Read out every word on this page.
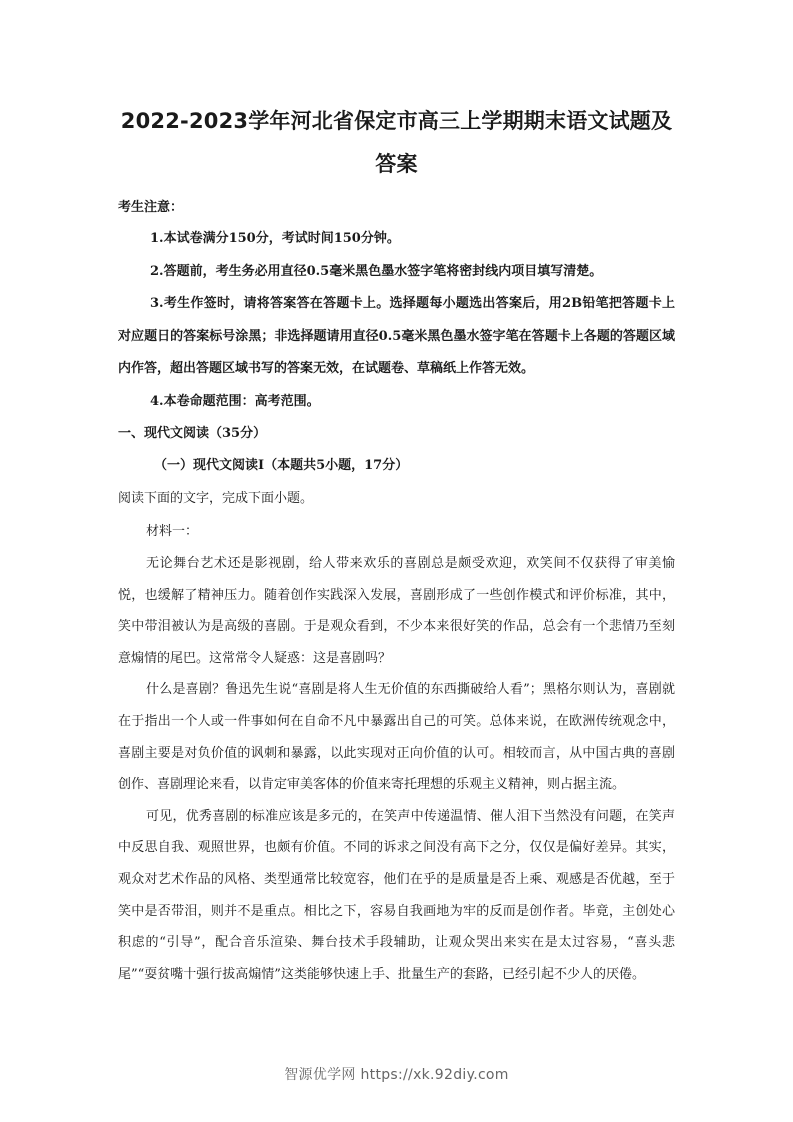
2022-2023学年河北省保定市高三上学期期末语文试题及答案
考生注意：

1.本试卷满分150分，考试时间150分钟。

2.答题前，考生务必用直径0.5毫米黑色墨水签字笔将密封线内项目填写清楚。

3.考生作签时，请将答案答在答题卡上。选择题每小题选出答案后，用2B铅笔把答题卡上对应题日的答案标号涂黑；非选择题请用直径0.5毫米黑色墨水签字笔在答题卡上各题的答题区域内作答，超出答题区域书写的答案无效，在试题卷、草稿纸上作答无效。

4.本卷命题范围：高考范围。

一、现代文阅读（35分）

（一）现代文阅读Ⅰ（本题共5小题，17分）

阅读下面的文字，完成下面小题。

材料一：

无论舞台艺术还是影视剧，给人带来欢乐的喜剧总是颇受欢迎，欢笑间不仅获得了审美愉悦，也缓解了精神压力。随着创作实践深入发展，喜剧形成了一些创作模式和评价标准，其中，笑中带泪被认为是高级的喜剧。于是观众看到，不少本来很好笑的作品，总会有一个悲情乃至刻意煽情的尾巴。这常常令人疑惑：这是喜剧吗？

什么是喜剧？鲁迅先生说“喜剧是将人生无价值的东西撕破给人看”；黑格尔则认为，喜剧就在于指出一个人或一件事如何在自命不凡中暴露出自己的可笑。总体来说，在欧洲传统观念中，喜剧主要是对负价值的讽刺和暴露，以此实现对正向价值的认可。相较而言，从中国古典的喜剧创作、喜剧理论来看，以肯定审美客体的价值来寄托理想的乐观主义精神，则占据主流。

可见，优秀喜剧的标准应该是多元的，在笑声中传递温情、催人泪下当然没有问题，在笑声中反思自我、观照世界，也颇有价值。不同的诉求之间没有高下之分，仅仅是偏好差异。其实，观众对艺术作品的风格、类型通常比较宽容，他们在乎的是质量是否上乘、观感是否优越，至于笑中是否带泪，则并不是重点。相比之下，容易自我画地为牢的反而是创作者。毕竟，主创处心积虑的“引导”，配合音乐渲染、舞台技术手段辅助，让观众哭出来实在是太过容易，“喜头悲尾”“耍贫嘴十强行拔高煽情”这类能够快速上手、批量生产的套路，已经引起不少人的厌倦。

智源优学网 https://xk.92diy.com
